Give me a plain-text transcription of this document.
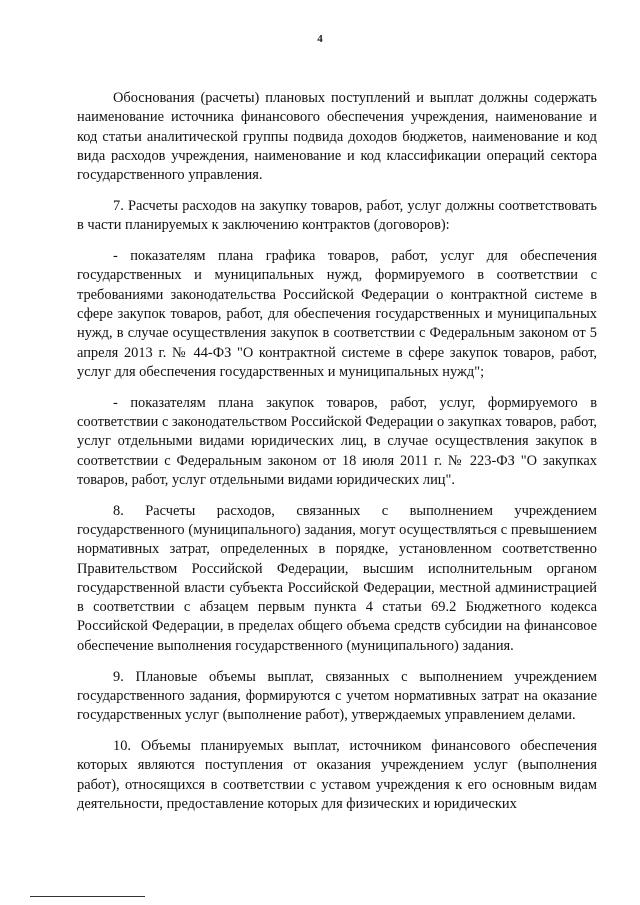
4

Обоснования (расчеты) плановых поступлений и выплат должны содержать наименование источника финансового обеспечения учреждения, наименование и код статьи аналитической группы подвида доходов бюджетов, наименование и код вида расходов учреждения, наименование и код классификации операций сектора государственного управления.

7. Расчеты расходов на закупку товаров, работ, услуг должны соответствовать в части планируемых к заключению контрактов (договоров):

- показателям плана графика товаров, работ, услуг для обеспечения государственных и муниципальных нужд, формируемого в соответствии с требованиями законодательства Российской Федерации о контрактной системе в сфере закупок товаров, работ, для обеспечения государственных и муниципальных нужд, в случае осуществления закупок в соответствии с Федеральным законом от 5 апреля 2013 г. № 44-ФЗ "О контрактной системе в сфере закупок товаров, работ, услуг для обеспечения государственных и муниципальных нужд";

- показателям плана закупок товаров, работ, услуг, формируемого в соответствии с законодательством Российской Федерации о закупках товаров, работ, услуг отдельными видами юридических лиц, в случае осуществления закупок в соответствии с Федеральным законом от 18 июля 2011 г. № 223-ФЗ "О закупках товаров, работ, услуг отдельными видами юридических лиц".

8. Расчеты расходов, связанных с выполнением учреждением государственного (муниципального) задания, могут осуществляться с превышением нормативных затрат, определенных в порядке, установленном соответственно Правительством Российской Федерации, высшим исполнительным органом государственной власти субъекта Российской Федерации, местной администрацией в соответствии с абзацем первым пункта 4 статьи 69.2 Бюджетного кодекса Российской Федерации, в пределах общего объема средств субсидии на финансовое обеспечение выполнения государственного (муниципального) задания.

9. Плановые объемы выплат, связанных с выполнением учреждением государственного задания, формируются с учетом нормативных затрат на оказание государственных услуг (выполнение работ), утверждаемых управлением делами.

10. Объемы планируемых выплат, источником финансового обеспечения которых являются поступления от оказания учреждением услуг (выполнения работ), относящихся в соответствии с уставом учреждения к его основным видам деятельности, предоставление которых для физических и юридических
